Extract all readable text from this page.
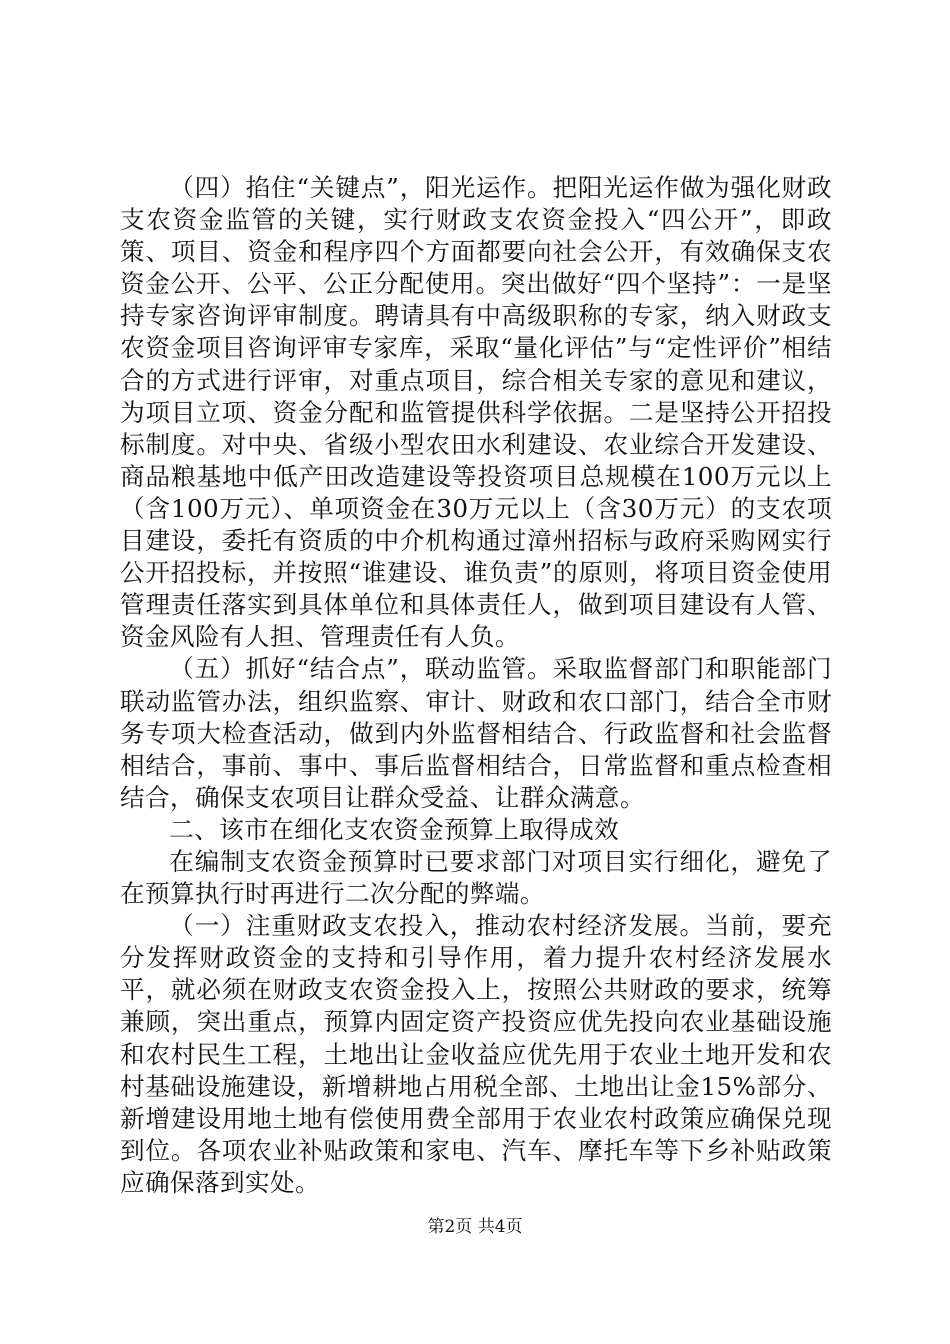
（四）掐住“关键点”，阳光运作。把阳光运作做为强化财政支农资金监管的关键，实行财政支农资金投入“四公开”，即政策、项目、资金和程序四个方面都要向社会公开，有效确保支农资金公开、公平、公正分配使用。突出做好“四个坚持”：一是坚持专家咨询评审制度。聘请具有中高级职称的专家，纳入财政支农资金项目咨询评审专家库，采取“量化评估”与“定性评价”相结合的方式进行评审，对重点项目，综合相关专家的意见和建议，为项目立项、资金分配和监管提供科学依据。二是坚持公开招投标制度。对中央、省级小型农田水利建设、农业综合开发建设、商品粮基地中低产田改造建设等投资项目总规模在100万元以上（含100万元）、单项资金在30万元以上（含30万元）的支农项目建设，委托有资质的中介机构通过漳州招标与政府采购网实行公开招投标，并按照“谁建设、谁负责”的原则，将项目资金使用管理责任落实到具体单位和具体责任人，做到项目建设有人管、资金风险有人担、管理责任有人负。

（五）抓好“结合点”，联动监管。采取监督部门和职能部门联动监管办法，组织监察、审计、财政和农口部门，结合全市财务专项大检查活动，做到内外监督相结合、行政监督和社会监督相结合，事前、事中、事后监督相结合，日常监督和重点检查相结合，确保支农项目让群众受益、让群众满意。

二、该市在细化支农资金预算上取得成效

在编制支农资金预算时已要求部门对项目实行细化，避免了在预算执行时再进行二次分配的弊端。

（一）注重财政支农投入，推动农村经济发展。当前，要充分发挥财政资金的支持和引导作用，着力提升农村经济发展水平，就必须在财政支农资金投入上，按照公共财政的要求，统筹兼顾，突出重点，预算内固定资产投资应优先投向农业基础设施和农村民生工程，土地出让金收益应优先用于农业土地开发和农村基础设施建设，新增耕地占用税全部、土地出让金15%部分、新增建设用地土地有偿使用费全部用于农业农村政策应确保兑现到位。各项农业补贴政策和家电、汽车、摩托车等下乡补贴政策应确保落到实处。

第2页 共4页
